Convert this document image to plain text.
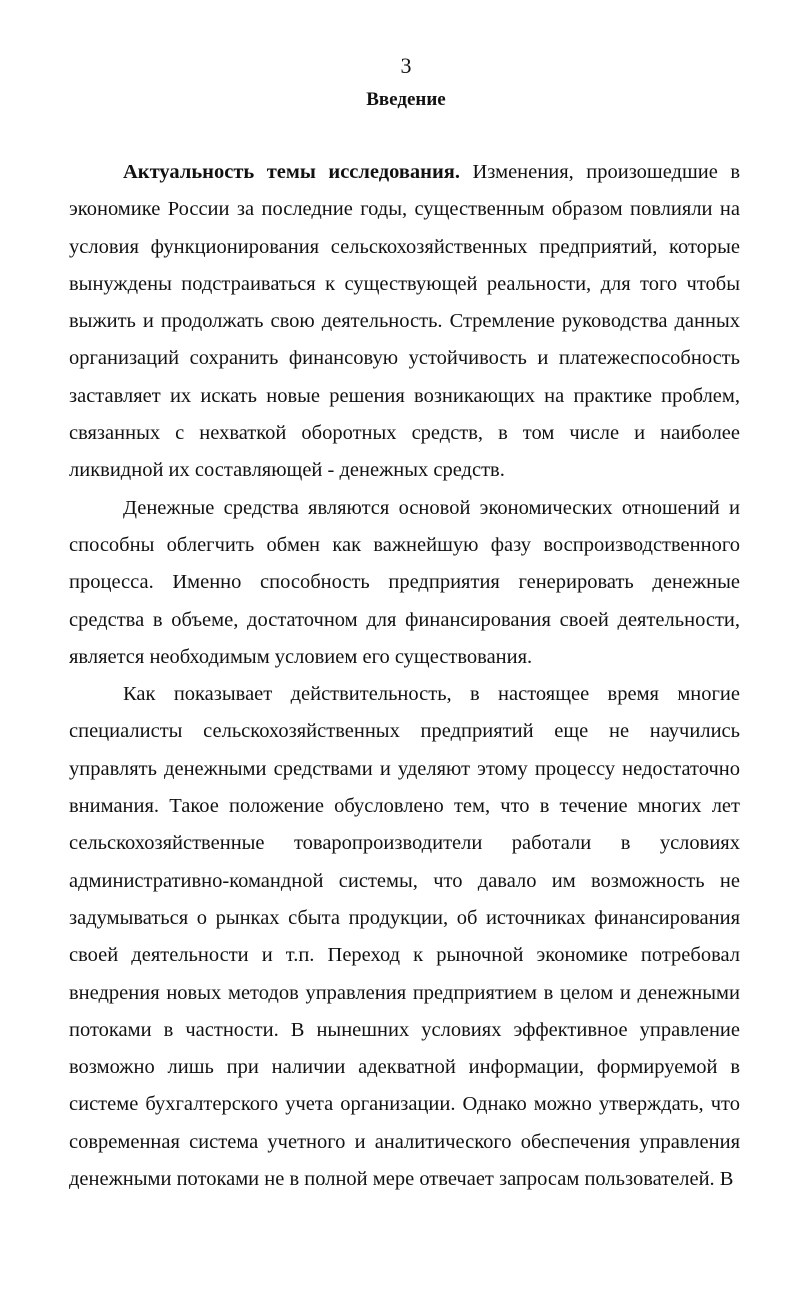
3
Введение

Актуальность темы исследования. Изменения, произошедшие в экономике России за последние годы, существенным образом повлияли на условия функционирования сельскохозяйственных предприятий, которые вынуждены подстраиваться к существующей реальности, для того чтобы выжить и продолжать свою деятельность. Стремление руководства данных организаций сохранить финансовую устойчивость и платежеспособность заставляет их искать новые решения возникающих на практике проблем, связанных с нехваткой оборотных средств, в том числе и наиболее ликвидной их составляющей - денежных средств.

Денежные средства являются основой экономических отношений и способны облегчить обмен как важнейшую фазу воспроизводственного процесса. Именно способность предприятия генерировать денежные средства в объеме, достаточном для финансирования своей деятельности, является необходимым условием его существования.

Как показывает действительность, в настоящее время многие специалисты сельскохозяйственных предприятий еще не научились управлять денежными средствами и уделяют этому процессу недостаточно внимания. Такое положение обусловлено тем, что в течение многих лет сельскохозяйственные товаропроизводители работали в условиях административно-командной системы, что давало им возможность не задумываться о рынках сбыта продукции, об источниках финансирования своей деятельности и т.п. Переход к рыночной экономике потребовал внедрения новых методов управления предприятием в целом и денежными потоками в частности. В нынешних условиях эффективное управление возможно лишь при наличии адекватной информации, формируемой в системе бухгалтерского учета организации. Однако можно утверждать, что современная система учетного и аналитического обеспечения управления денежными потоками не в полной мере отвечает запросам пользователей. В
